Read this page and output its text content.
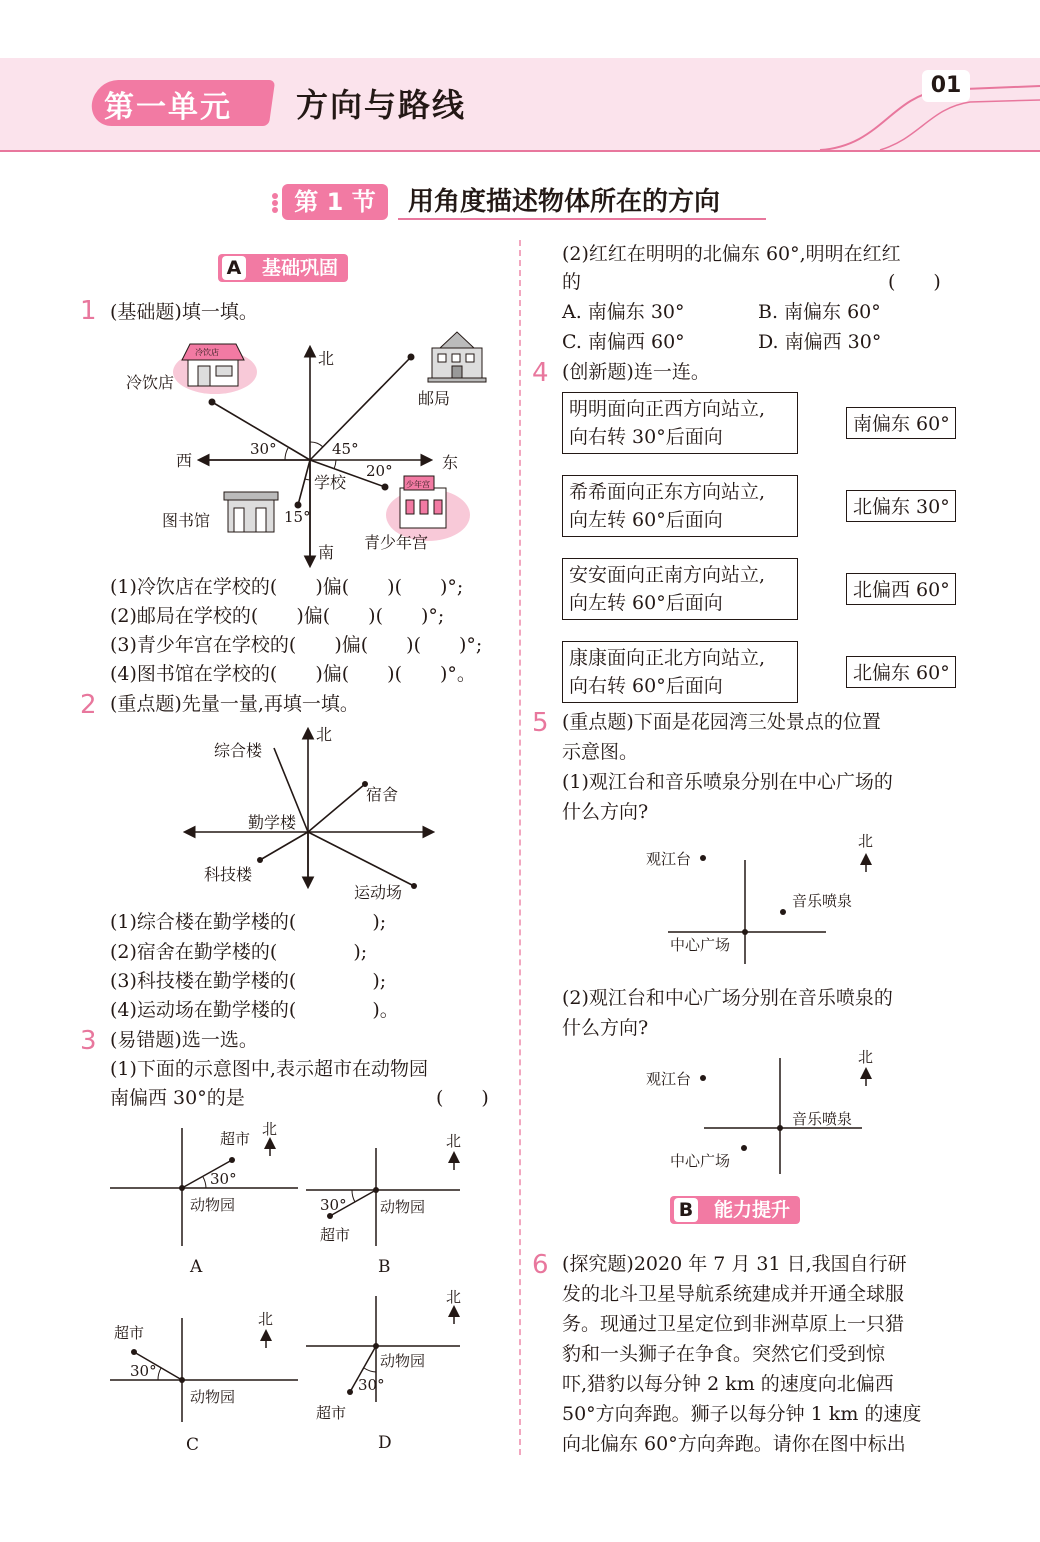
第一单元 方向与路线
01
第 1 节	用角度描述物体所在的方向
A 基础巩固
1 (基础题)填一填。
冷饮店
少年宫
北
南
东
西
学校
冷饮店
邮局
图书馆
青少年宫
30°	45°
20°
15°
(1)冷饮店在学校的(　　)偏(　　)(　　)°;
(2)邮局在学校的(　　)偏(　　)(　　)°;
(3)青少年宫在学校的(　　)偏(　　)(　　)°;
(4)图书馆在学校的(　　)偏(　　)(　　)°。
2 (重点题)先量一量,再填一填。
北
勤学楼
综合楼
宿舍
科技楼
运动场
(1)综合楼在勤学楼的(　　　　);
(2)宿舍在勤学楼的(　　　　);
(3)科技楼在勤学楼的(　　　　);
(4)运动场在勤学楼的(　　　　)。
3 (易错题)选一选。
(1)下面的示意图中,表示超市在动物园
南偏西 30°的是	(　　)
北
超市
30°
动物园
A
北
30°
超市
动物园
B
北
超市
30°
动物园
C
北
动物园
30°
超市
D
(2)红红在明明的北偏东 60°,明明在红红
的	(　　)
A. 南偏东 30°	B. 南偏东 60°
C. 南偏西 60°	D. 南偏西 30°
4 (创新题)连一连。
明明面向正西方向站立,
向右转 30°后面向
希希面向正东方向站立,
向左转 60°后面向
安安面向正南方向站立,
向左转 60°后面向
康康面向正北方向站立,
向右转 60°后面向
南偏东 60°
北偏东 30°
北偏西 60°
北偏东 60°
5 (重点题)下面是花园湾三处景点的位置
示意图。
(1)观江台和音乐喷泉分别在中心广场的
什么方向?
北
观江台
音乐喷泉
中心广场
(2)观江台和中心广场分别在音乐喷泉的
什么方向?
北
观江台
音乐喷泉
中心广场
B 能力提升
6 (探究题)2020 年 7 月 31 日,我国自行研
发的北斗卫星导航系统建成并开通全球服
务。现通过卫星定位到非洲草原上一只猎
豹和一头狮子在争食。突然它们受到惊
吓,猎豹以每分钟 2 km 的速度向北偏西
50°方向奔跑。狮子以每分钟 1 km 的速度
向北偏东 60°方向奔跑。请你在图中标出
